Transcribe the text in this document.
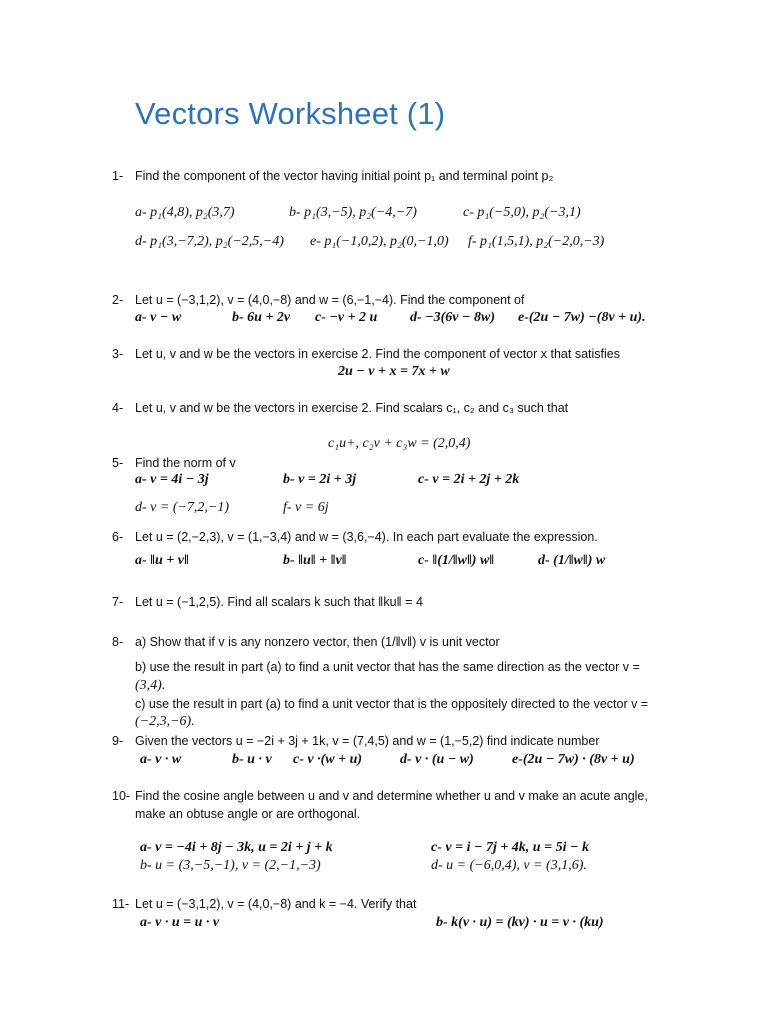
Vectors Worksheet (1)
1- Find the component of the vector having initial point p₁ and terminal point p₂
a- p₁(4,8), p₂(3,7)	b- p₁(3,−5), p₂(−4,−7)	c- p₁(−5,0), p₂(−3,1)
d- p₁(3,−7,2), p₂(−2,5,−4) e- p₁(−1,0,2), p₂(0,−1,0) f- p₁(1,5,1), p₂(−2,0,−3)
2- Let u = (−3,1,2), v = (4,0,−8) and w = (6,−1,−4). Find the component of
a- v − w	b- 6u + 2v c- −v + 2 u d- −3(6v − 8w) e-(2u − 7w) −(8v + u).
3- Let u, v and w be the vectors in exercise 2. Find the component of vector x that satisfies
2u − v + x = 7x + w
4- Let u, v and w be the vectors in exercise 2. Find scalars c₁, c₂ and c₃ such that
c₁u+, c₂v + c₃w = (2,0,4)
5- Find the norm of v
a- v = 4i − 3j	b- v = 2i + 3j	c- v = 2i + 2j + 2k
d- v = (−7,2,−1)	f- v = 6j
6- Let u = (2,−2,3), v = (1,−3,4) and w = (3,6,−4). In each part evaluate the expression.
a- ‖u + v‖	b- ‖u‖ + ‖v‖	c- ‖(1/‖w‖) w‖	d- (1/‖w‖) w
7- Let u = (−1,2,5). Find all scalars k such that ‖ku‖ = 4
8- a) Show that if v is any nonzero vector, then (1/‖v‖) v is unit vector
b) use the result in part (a) to find a unit vector that has the same direction as the vector v =
(3,4).
c) use the result in part (a) to find a unit vector that is the oppositely directed to the vector v =
(−2,3,−6).
9- Given the vectors u = −2i + 3j + 1k, v = (7,4,5) and w = (1,−5,2) find indicate number
a- v · w	b- u · v c- v ·(w + u)	d- v · (u − w)	e-(2u − 7w) · (8v + u)
10- Find the cosine angle between u and v and determine whether u and v make an acute angle,
make an obtuse angle or are orthogonal.
a- v = −4i + 8j − 3k, u = 2i + j + k	c- v = i − 7j + 4k, u = 5i − k
b- u = (3,−5,−1), v = (2,−1,−3)	d- u = (−6,0,4), v = (3,1,6).
11- Let u = (−3,1,2), v = (4,0,−8) and k = −4. Verify that
a- v · u = u · v	b- k(v · u) = (kv) · u = v · (ku)
